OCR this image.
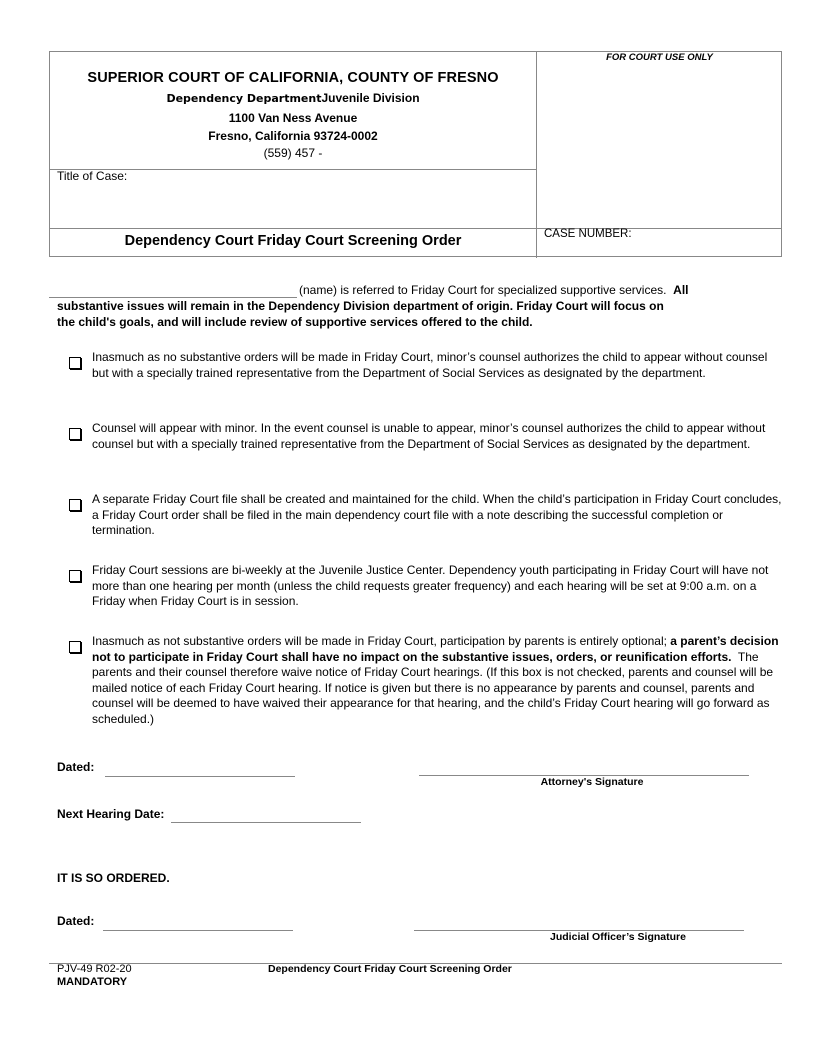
SUPERIOR COURT OF CALIFORNIA, COUNTY OF FRESNO
Dependency DepartmentJuvenile Division
1100 Van Ness Avenue
Fresno, California 93724-0002
(559) 457 -
FOR COURT USE ONLY
Title of Case:
Dependency Court Friday Court Screening Order	CASE NUMBER:
(name) is referred to Friday Court for specialized supportive services. All
substantive issues will remain in the Dependency Division department of origin. Friday Court will focus on
the child's goals, and will include review of supportive services offered to the child.
Inasmuch as no substantive orders will be made in Friday Court, minor’s counsel authorizes the child to appear without counsel but with a specially trained representative from the Department of Social Services as designated by the department.
Counsel will appear with minor. In the event counsel is unable to appear, minor’s counsel authorizes the child to appear without counsel but with a specially trained representative from the Department of Social Services as designated by the department.
A separate Friday Court file shall be created and maintained for the child. When the child’s participation in Friday Court concludes, a Friday Court order shall be filed in the main dependency court file with a note describing the successful completion or termination.
Friday Court sessions are bi-weekly at the Juvenile Justice Center. Dependency youth participating in Friday Court will have not more than one hearing per month (unless the child requests greater frequency) and each hearing will be set at 9:00 a.m. on a Friday when Friday Court is in session.
Inasmuch as not substantive orders will be made in Friday Court, participation by parents is entirely optional; a parent’s decision not to participate in Friday Court shall have no impact on the substantive issues, orders, or reunification efforts. The parents and their counsel therefore waive notice of Friday Court hearings. (If this box is not checked, parents and counsel will be mailed notice of each Friday Court hearing. If notice is given but there is no appearance by parents and counsel, parents and counsel will be deemed to have waived their appearance for that hearing, and the child’s Friday Court hearing will go forward as scheduled.)
Dated:
Attorney's Signature
Next Hearing Date:
IT IS SO ORDERED.
Dated:
Judicial Officer’s Signature
PJV-49 R02-20
MANDATORY
Dependency Court Friday Court Screening Order
